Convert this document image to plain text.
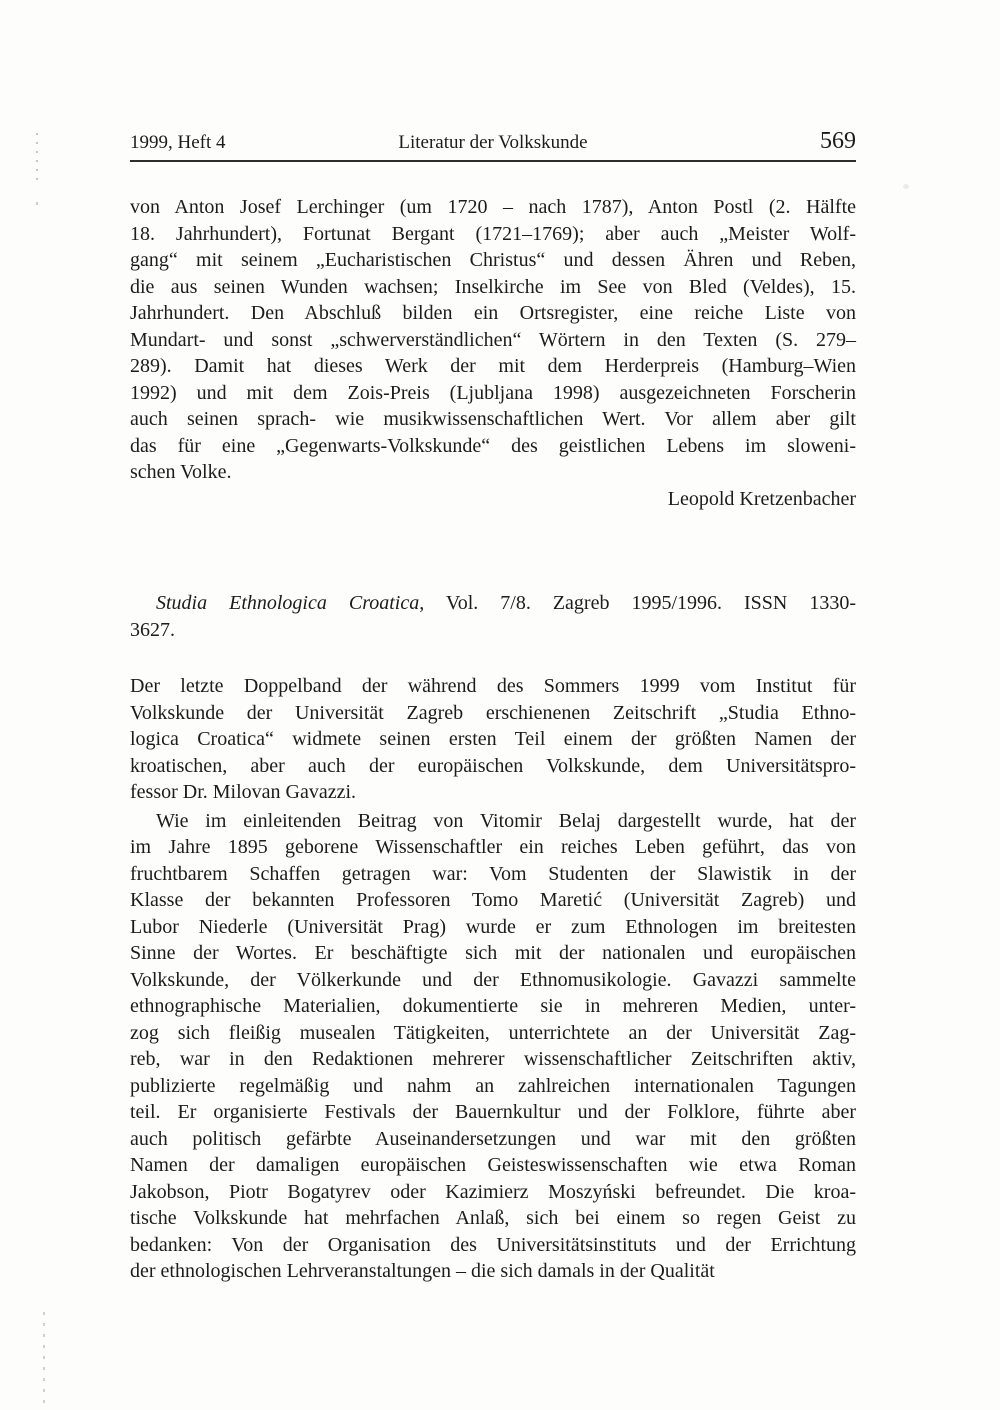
1999, Heft 4	Literatur der Volkskunde	569
von Anton Josef Lerchinger (um 1720 – nach 1787), Anton Postl (2. Hälfte
18. Jahrhundert), Fortunat Bergant (1721–1769); aber auch „Meister Wolf-
gang“ mit seinem „Eucharistischen Christus“ und dessen Ähren und Reben,
die aus seinen Wunden wachsen; Inselkirche im See von Bled (Veldes), 15.
Jahrhundert. Den Abschluß bilden ein Ortsregister, eine reiche Liste von
Mundart- und sonst „schwerverständlichen“ Wörtern in den Texten (S. 279–
289). Damit hat dieses Werk der mit dem Herderpreis (Hamburg–Wien
1992) und mit dem Zois-Preis (Ljubljana 1998) ausgezeichneten Forscherin
auch seinen sprach- wie musikwissenschaftlichen Wert. Vor allem aber gilt
das für eine „Gegenwarts-Volkskunde“ des geistlichen Lebens im sloweni-
schen Volke.
Leopold Kretzenbacher
Studia Ethnologica Croatica, Vol. 7/8. Zagreb 1995/1996. ISSN 1330-
3627.
Der letzte Doppelband der während des Sommers 1999 vom Institut für
Volkskunde der Universität Zagreb erschienenen Zeitschrift „Studia Ethno-
logica Croatica“ widmete seinen ersten Teil einem der größten Namen der
kroatischen, aber auch der europäischen Volkskunde, dem Universitätspro-
fessor Dr. Milovan Gavazzi.
Wie im einleitenden Beitrag von Vitomir Belaj dargestellt wurde, hat der
im Jahre 1895 geborene Wissenschaftler ein reiches Leben geführt, das von
fruchtbarem Schaffen getragen war: Vom Studenten der Slawistik in der
Klasse der bekannten Professoren Tomo Maretić (Universität Zagreb) und
Lubor Niederle (Universität Prag) wurde er zum Ethnologen im breitesten
Sinne der Wortes. Er beschäftigte sich mit der nationalen und europäischen
Volkskunde, der Völkerkunde und der Ethnomusikologie. Gavazzi sammelte
ethnographische Materialien, dokumentierte sie in mehreren Medien, unter-
zog sich fleißig musealen Tätigkeiten, unterrichtete an der Universität Zag-
reb, war in den Redaktionen mehrerer wissenschaftlicher Zeitschriften aktiv,
publizierte regelmäßig und nahm an zahlreichen internationalen Tagungen
teil. Er organisierte Festivals der Bauernkultur und der Folklore, führte aber
auch politisch gefärbte Auseinandersetzungen und war mit den größten
Namen der damaligen europäischen Geisteswissenschaften wie etwa Roman
Jakobson, Piotr Bogatyrev oder Kazimierz Moszyński befreundet. Die kroa-
tische Volkskunde hat mehrfachen Anlaß, sich bei einem so regen Geist zu
bedanken: Von der Organisation des Universitätsinstituts und der Errichtung
der ethnologischen Lehrveranstaltungen – die sich damals in der Qualität
